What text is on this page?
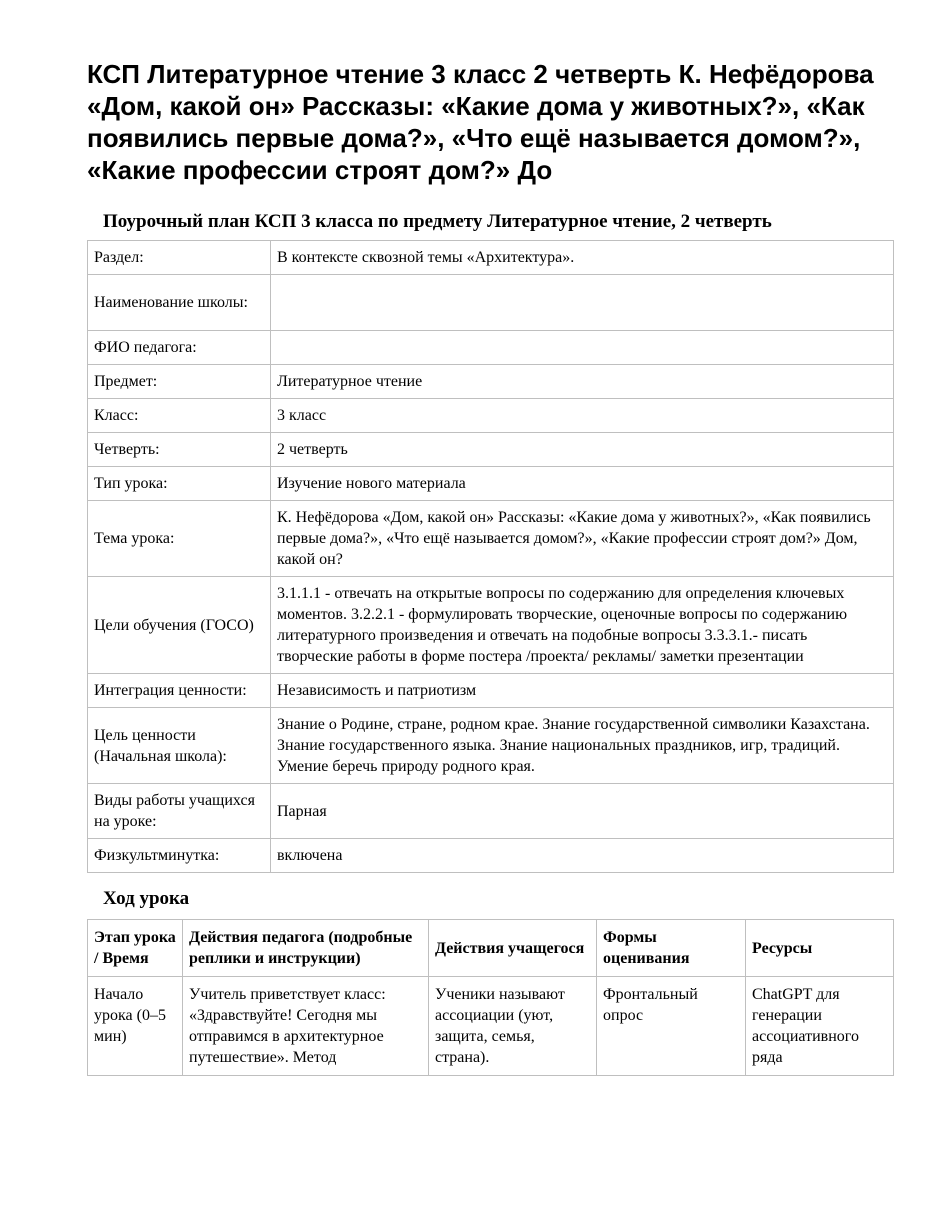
КСП Литературное чтение 3 класс 2 четверть К. Нефёдорова «Дом, какой он» Рассказы: «Какие дома у животных?», «Как появились первые дома?», «Что ещё называется домом?», «Какие профессии строят дом?» До
Поурочный план КСП 3 класса по предмету Литературное чтение, 2 четверть
Раздел:	В контексте сквозной темы «Архитектура».
Наименование школы:	
ФИО педагога:	
Предмет:	Литературное чтение
Класс:	3 класс
Четверть:	2 четверть
Тип урока:	Изучение нового материала
Тема урока:	К. Нефёдорова «Дом, какой он» Рассказы: «Какие дома у животных?», «Как появились первые дома?», «Что ещё называется домом?», «Какие профессии строят дом?» Дом, какой он?
Цели обучения (ГОСО)	3.1.1.1 - отвечать на открытые вопросы по содержанию для определения ключевых моментов. 3.2.2.1 - формулировать творческие, оценочные вопросы по содержанию литературного произведения и отвечать на подобные вопросы 3.3.3.1.- писать творческие работы в форме постера /проекта/ рекламы/ заметки презентации
Интеграция ценности:	Независимость и патриотизм
Цель ценности (Начальная школа):	Знание о Родине, стране, родном крае. Знание государственной символики Казахстана. Знание государственного языка. Знание национальных праздников, игр, традиций. Умение беречь природу родного края.
Виды работы учащихся на уроке:	Парная
Физкультминутка:	включена
Ход урока
Этап урока / Время	Действия педагога (подробные реплики и инструкции)	Действия учащегося	Формы оценивания	Ресурсы
Начало урока (0–5 мин)	Учитель приветствует класс: «Здравствуйте! Сегодня мы отправимся в архитектурное путешествие». Метод	Ученики называют ассоциации (уют, защита, семья, страна).	Фронтальный опрос	ChatGPT для генерации ассоциативного ряда
